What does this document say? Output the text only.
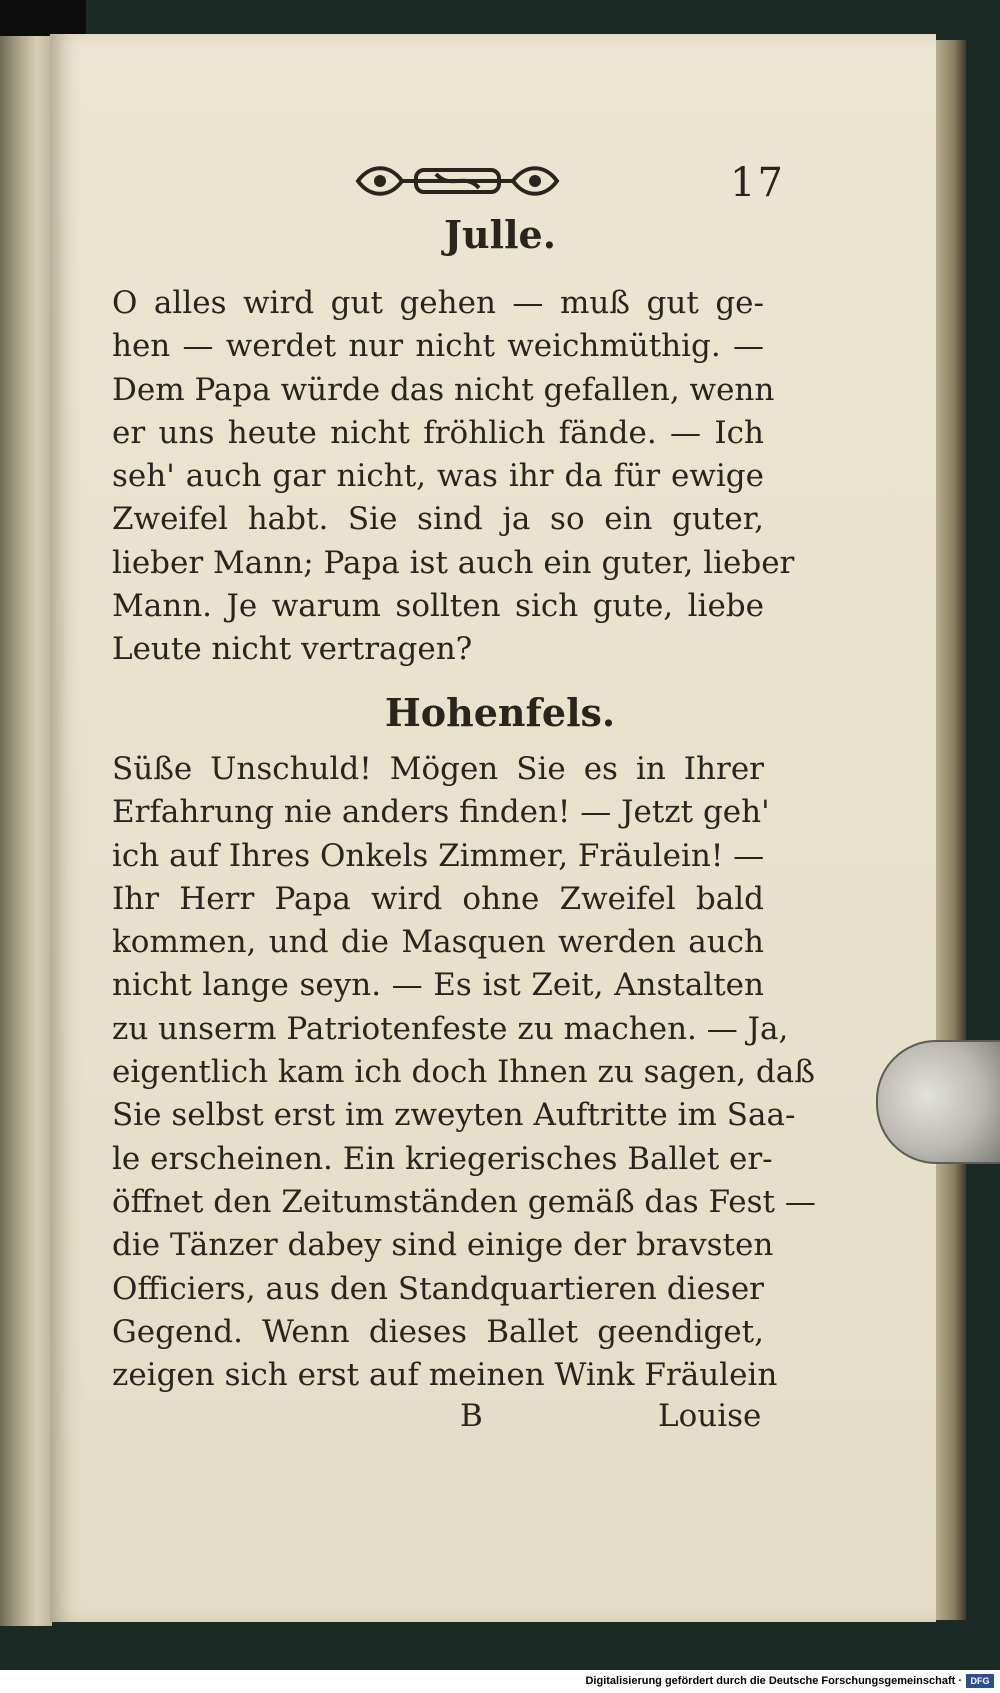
17
Julle.

O alles wird gut gehen — muß gut ge-
hen — werdet nur nicht weichmüthig. —
Dem Papa würde das nicht gefallen, wenn
er uns heute nicht fröhlich fände. — Ich
seh' auch gar nicht, was ihr da für ewige
Zweifel habt. Sie sind ja so ein guter,
lieber Mann; Papa ist auch ein guter, lieber
Mann. Je warum sollten sich gute, liebe
Leute nicht vertragen?

Hohenfels.

Süße Unschuld! Mögen Sie es in Ihrer
Erfahrung nie anders finden! — Jetzt geh'
ich auf Ihres Onkels Zimmer, Fräulein! —
Ihr Herr Papa wird ohne Zweifel bald
kommen, und die Masquen werden auch
nicht lange seyn. — Es ist Zeit, Anstalten
zu unserm Patriotenfeste zu machen. — Ja,
eigentlich kam ich doch Ihnen zu sagen, daß
Sie selbst erst im zweyten Auftritte im Saa-
le erscheinen. Ein kriegerisches Ballet er-
öffnet den Zeitumständen gemäß das Fest —
die Tänzer dabey sind einige der bravsten
Officiers, aus den Standquartieren dieser
Gegend. Wenn dieses Ballet geendiget,
zeigen sich erst auf meinen Wink Fräulein

B	Louise
Digitalisierung gefördert durch die Deutsche Forschungsgemeinschaft · DFG
